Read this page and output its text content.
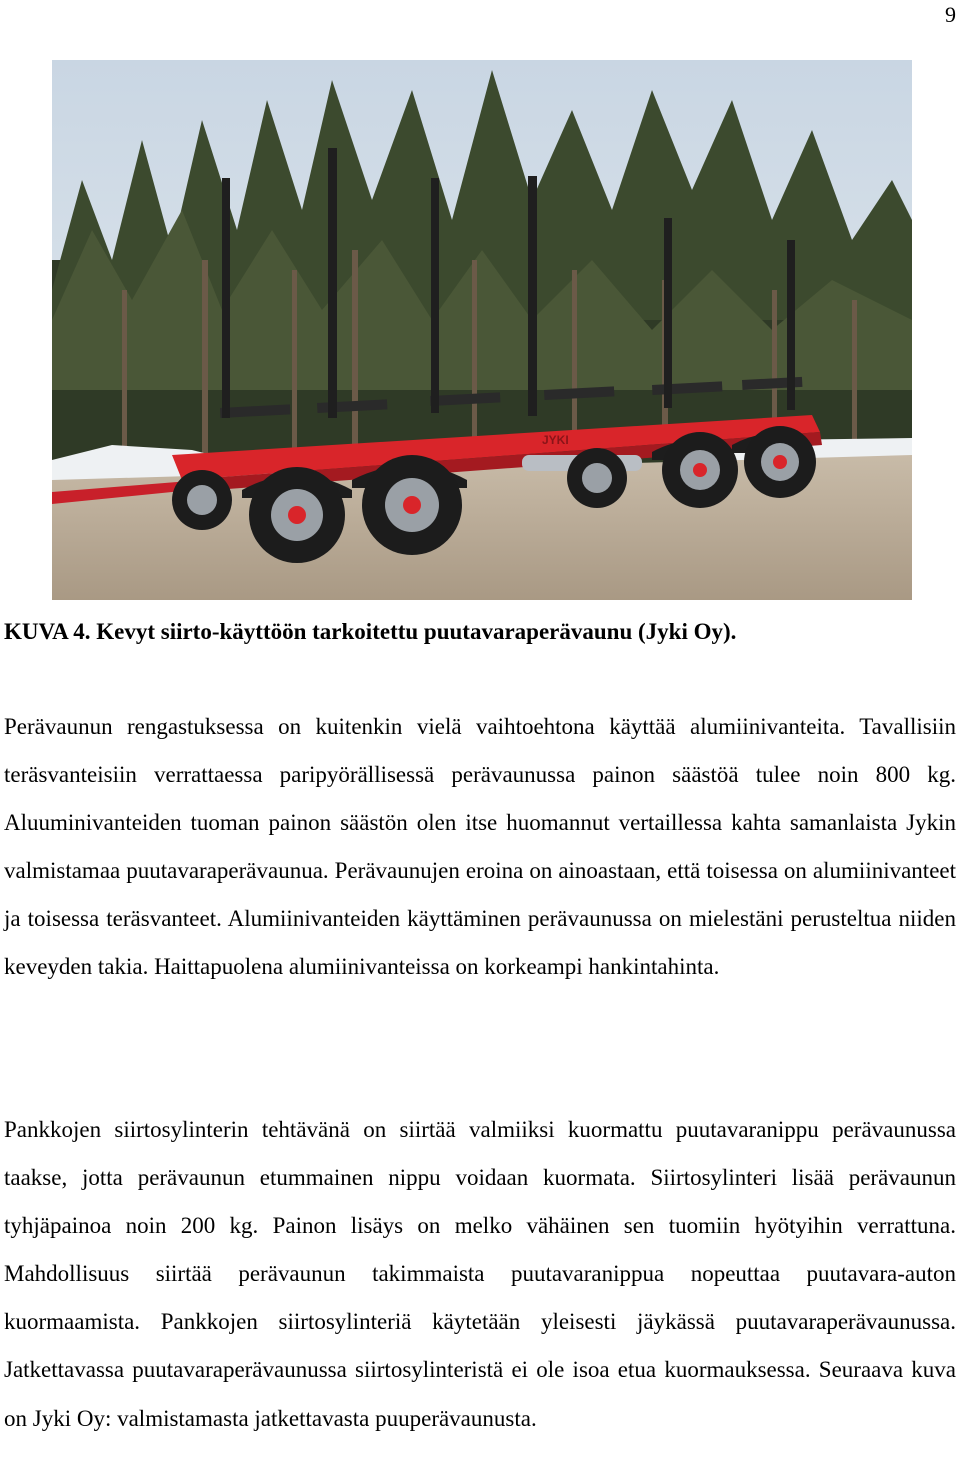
9
JYKI
KUVA 4. Kevyt siirto-käyttöön tarkoitettu puutavaraperävaunu (Jyki Oy).

Perävaunun rengastuksessa on kuitenkin vielä vaihtoehtona käyttää alumiinivanteita. Tavallisiin teräsvanteisiin verrattaessa paripyörällisessä perävaunussa painon säästöä tulee noin 800 kg. Aluuminivanteiden tuoman painon säästön olen itse huomannut vertaillessa kahta samanlaista Jykin valmistamaa puutavaraperävaunua. Perävaunujen eroina on ainoastaan, että toisessa on alumiinivanteet ja toisessa teräsvanteet. Alumiinivanteiden käyttäminen perävaunussa on mielestäni perusteltua niiden keveyden takia. Haittapuolena alumiinivanteissa on korkeampi hankintahinta.

Pankkojen siirtosylinterin tehtävänä on siirtää valmiiksi kuormattu puutavaranippu perävaunussa taakse, jotta perävaunun etummainen nippu voidaan kuormata. Siirtosylinteri lisää perävaunun tyhjäpainoa noin 200 kg. Painon lisäys on melko vähäinen sen tuomiin hyötyihin verrattuna. Mahdollisuus siirtää perävaunun takimmaista puutavaranippua nopeuttaa puutavara-auton kuormaamista. Pankkojen siirtosylinteriä käytetään yleisesti jäykässä puutavaraperävaunussa. Jatkettavassa puutavaraperävaunussa siirtosylinteristä ei ole isoa etua kuormauksessa. Seuraava kuva on Jyki Oy: valmistamasta jatkettavasta puuperävaunusta.
